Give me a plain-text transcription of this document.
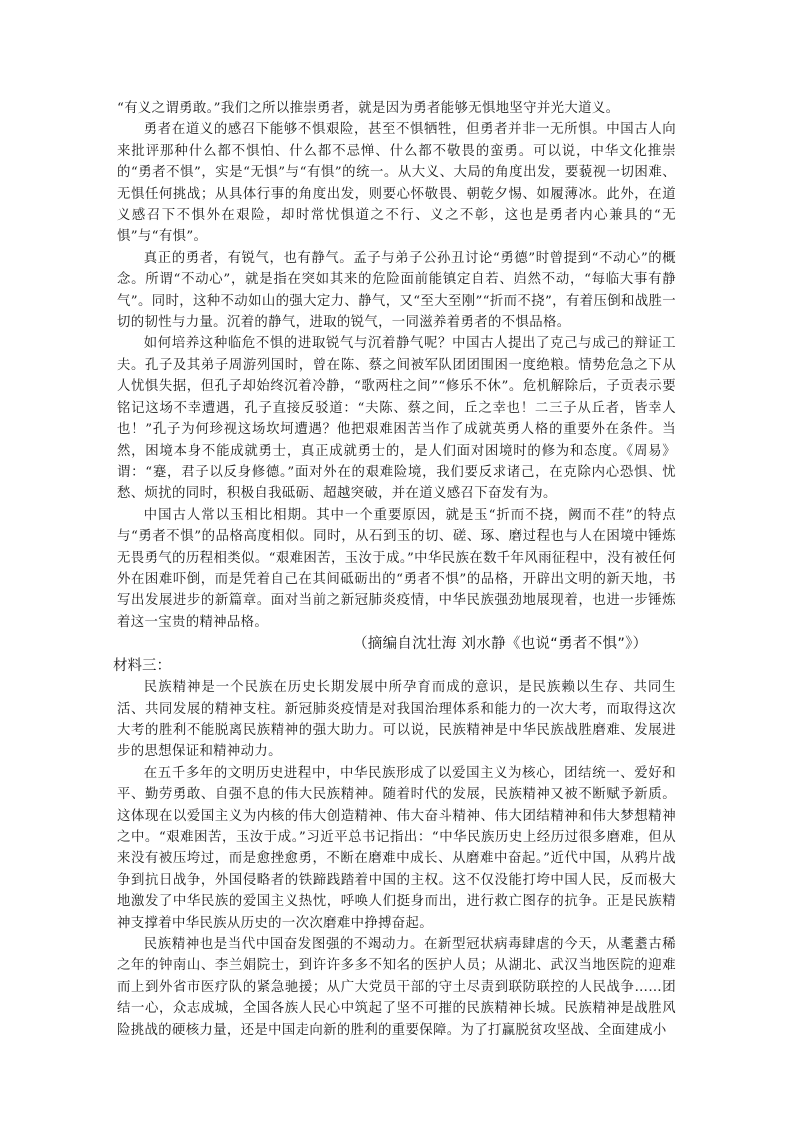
“有义之谓勇敢。”我们之所以推崇勇者，就是因为勇者能够无惧地坚守并光大道义。

勇者在道义的感召下能够不惧艰险，甚至不惧牺牲，但勇者并非一无所惧。中国古人向来批评那种什么都不惧怕、什么都不忌惮、什么都不敬畏的蛮勇。可以说，中华文化推崇的“勇者不惧”，实是“无惧”与“有惧”的统一。从大义、大局的角度出发，要藐视一切困难、无惧任何挑战；从具体行事的角度出发，则要心怀敬畏、朝乾夕惕、如履薄冰。此外，在道义感召下不惧外在艰险，却时常忧惧道之不行、义之不彰，这也是勇者内心兼具的“无惧”与“有惧”。

真正的勇者，有锐气，也有静气。孟子与弟子公孙丑讨论“勇德”时曾提到“不动心”的概念。所谓“不动心”，就是指在突如其来的危险面前能镇定自若、岿然不动，“每临大事有静气”。同时，这种不动如山的强大定力、静气，又“至大至刚”“折而不挠”，有着压倒和战胜一切的韧性与力量。沉着的静气，进取的锐气，一同滋养着勇者的不惧品格。

如何培养这种临危不惧的进取锐气与沉着静气呢？中国古人提出了克己与成己的辩证工夫。孔子及其弟子周游列国时，曾在陈、蔡之间被军队团团围困一度绝粮。情势危急之下从人忧惧失据，但孔子却始终沉着冷静，“歌两柱之间”“修乐不休”。危机解除后，子贡表示要铭记这场不幸遭遇，孔子直接反驳道：“夫陈、蔡之间，丘之幸也！二三子从丘者，皆幸人也！”孔子为何珍视这场坎坷遭遇？他把艰难困苦当作了成就英勇人格的重要外在条件。当然，困境本身不能成就勇士，真正成就勇士的，是人们面对困境时的修为和态度。《周易》谓：“蹇，君子以反身修德。”面对外在的艰难险境，我们要反求诸己，在克除内心恐惧、忧愁、烦扰的同时，积极自我砥砺、超越突破，并在道义感召下奋发有为。

中国古人常以玉相比相期。其中一个重要原因，就是玉“折而不挠，阙而不荏”的特点与“勇者不惧”的品格高度相似。同时，从石到玉的切、磋、琢、磨过程也与人在困境中锤炼无畏勇气的历程相类似。“艰难困苦，玉汝于成。”中华民族在数千年风雨征程中，没有被任何外在困难吓倒，而是凭着自己在其间砥砺出的“勇者不惧”的品格，开辟出文明的新天地，书写出发展进步的新篇章。面对当前之新冠肺炎疫情，中华民族强劲地展现着，也进一步锤炼着这一宝贵的精神品格。

（摘编自沈壮海 刘水静《也说“勇者不惧”》）

材料三：

民族精神是一个民族在历史长期发展中所孕育而成的意识，是民族赖以生存、共同生活、共同发展的精神支柱。新冠肺炎疫情是对我国治理体系和能力的一次大考，而取得这次大考的胜利不能脱离民族精神的强大助力。可以说，民族精神是中华民族战胜磨难、发展进步的思想保证和精神动力。

在五千多年的文明历史进程中，中华民族形成了以爱国主义为核心，团结统一、爱好和平、勤劳勇敢、自强不息的伟大民族精神。随着时代的发展，民族精神又被不断赋予新质。这体现在以爱国主义为内核的伟大创造精神、伟大奋斗精神、伟大团结精神和伟大梦想精神之中。“艰难困苦，玉汝于成。”习近平总书记指出：“中华民族历史上经历过很多磨难，但从来没有被压垮过，而是愈挫愈勇，不断在磨难中成长、从磨难中奋起。”近代中国，从鸦片战争到抗日战争，外国侵略者的铁蹄践踏着中国的主权。这不仅没能打垮中国人民，反而极大地激发了中华民族的爱国主义热忱，呼唤人们挺身而出，进行救亡图存的抗争。正是民族精神支撑着中华民族从历史的一次次磨难中挣搏奋起。

民族精神也是当代中国奋发图强的不竭动力。在新型冠状病毒肆虐的今天，从耄耋古稀之年的钟南山、李兰娟院士，到许许多多不知名的医护人员；从湖北、武汉当地医院的迎难而上到外省市医疗队的紧急驰援；从广大党员干部的守土尽责到联防联控的人民战争……团结一心，众志成城，全国各族人民心中筑起了坚不可摧的民族精神长城。民族精神是战胜风险挑战的硬核力量，还是中国走向新的胜利的重要保障。为了打赢脱贫攻坚战、全面建成小
